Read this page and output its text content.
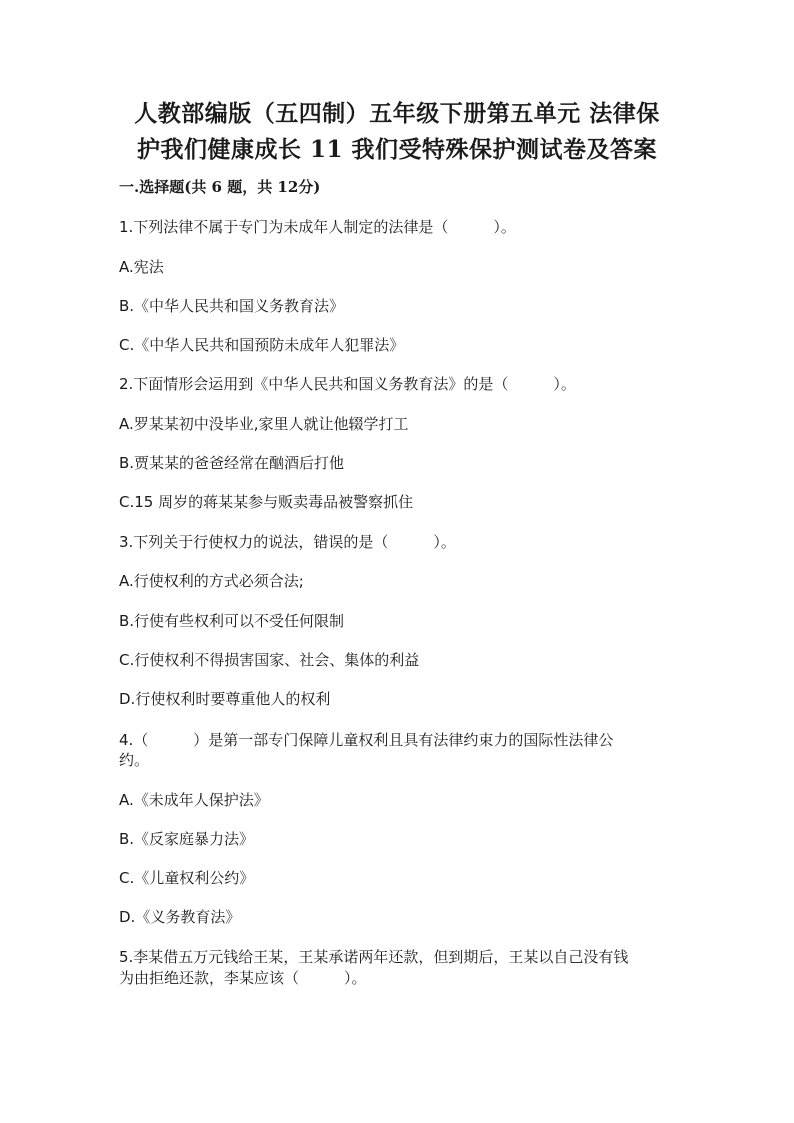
人教部编版（五四制）五年级下册第五单元 法律保
护我们健康成长 11 我们受特殊保护测试卷及答案
一.选择题(共 6 题，共 12分)
1.下列法律不属于专门为未成年人制定的法律是（　　　）。
A.宪法
B.《中华人民共和国义务教育法》
C.《中华人民共和国预防未成年人犯罪法》
2.下面情形会运用到《中华人民共和国义务教育法》的是（　　　）。
A.罗某某初中没毕业,家里人就让他辍学打工
B.贾某某的爸爸经常在酗酒后打他
C.15 周岁的蒋某某参与贩卖毒品被警察抓住
3.下列关于行使权力的说法，错误的是（　　　）。
A.行使权利的方式必须合法;
B.行使有些权利可以不受任何限制
C.行使权利不得损害国家、社会、集体的利益
D.行使权利时要尊重他人的权利
4.（　　　）是第一部专门保障儿童权利且具有法律约束力的国际性法律公
约。
A.《未成年人保护法》
B.《反家庭暴力法》
C.《儿童权利公约》
D.《义务教育法》
5.李某借五万元钱给王某，王某承诺两年还款，但到期后，王某以自己没有钱
为由拒绝还款，李某应该（　　　）。
